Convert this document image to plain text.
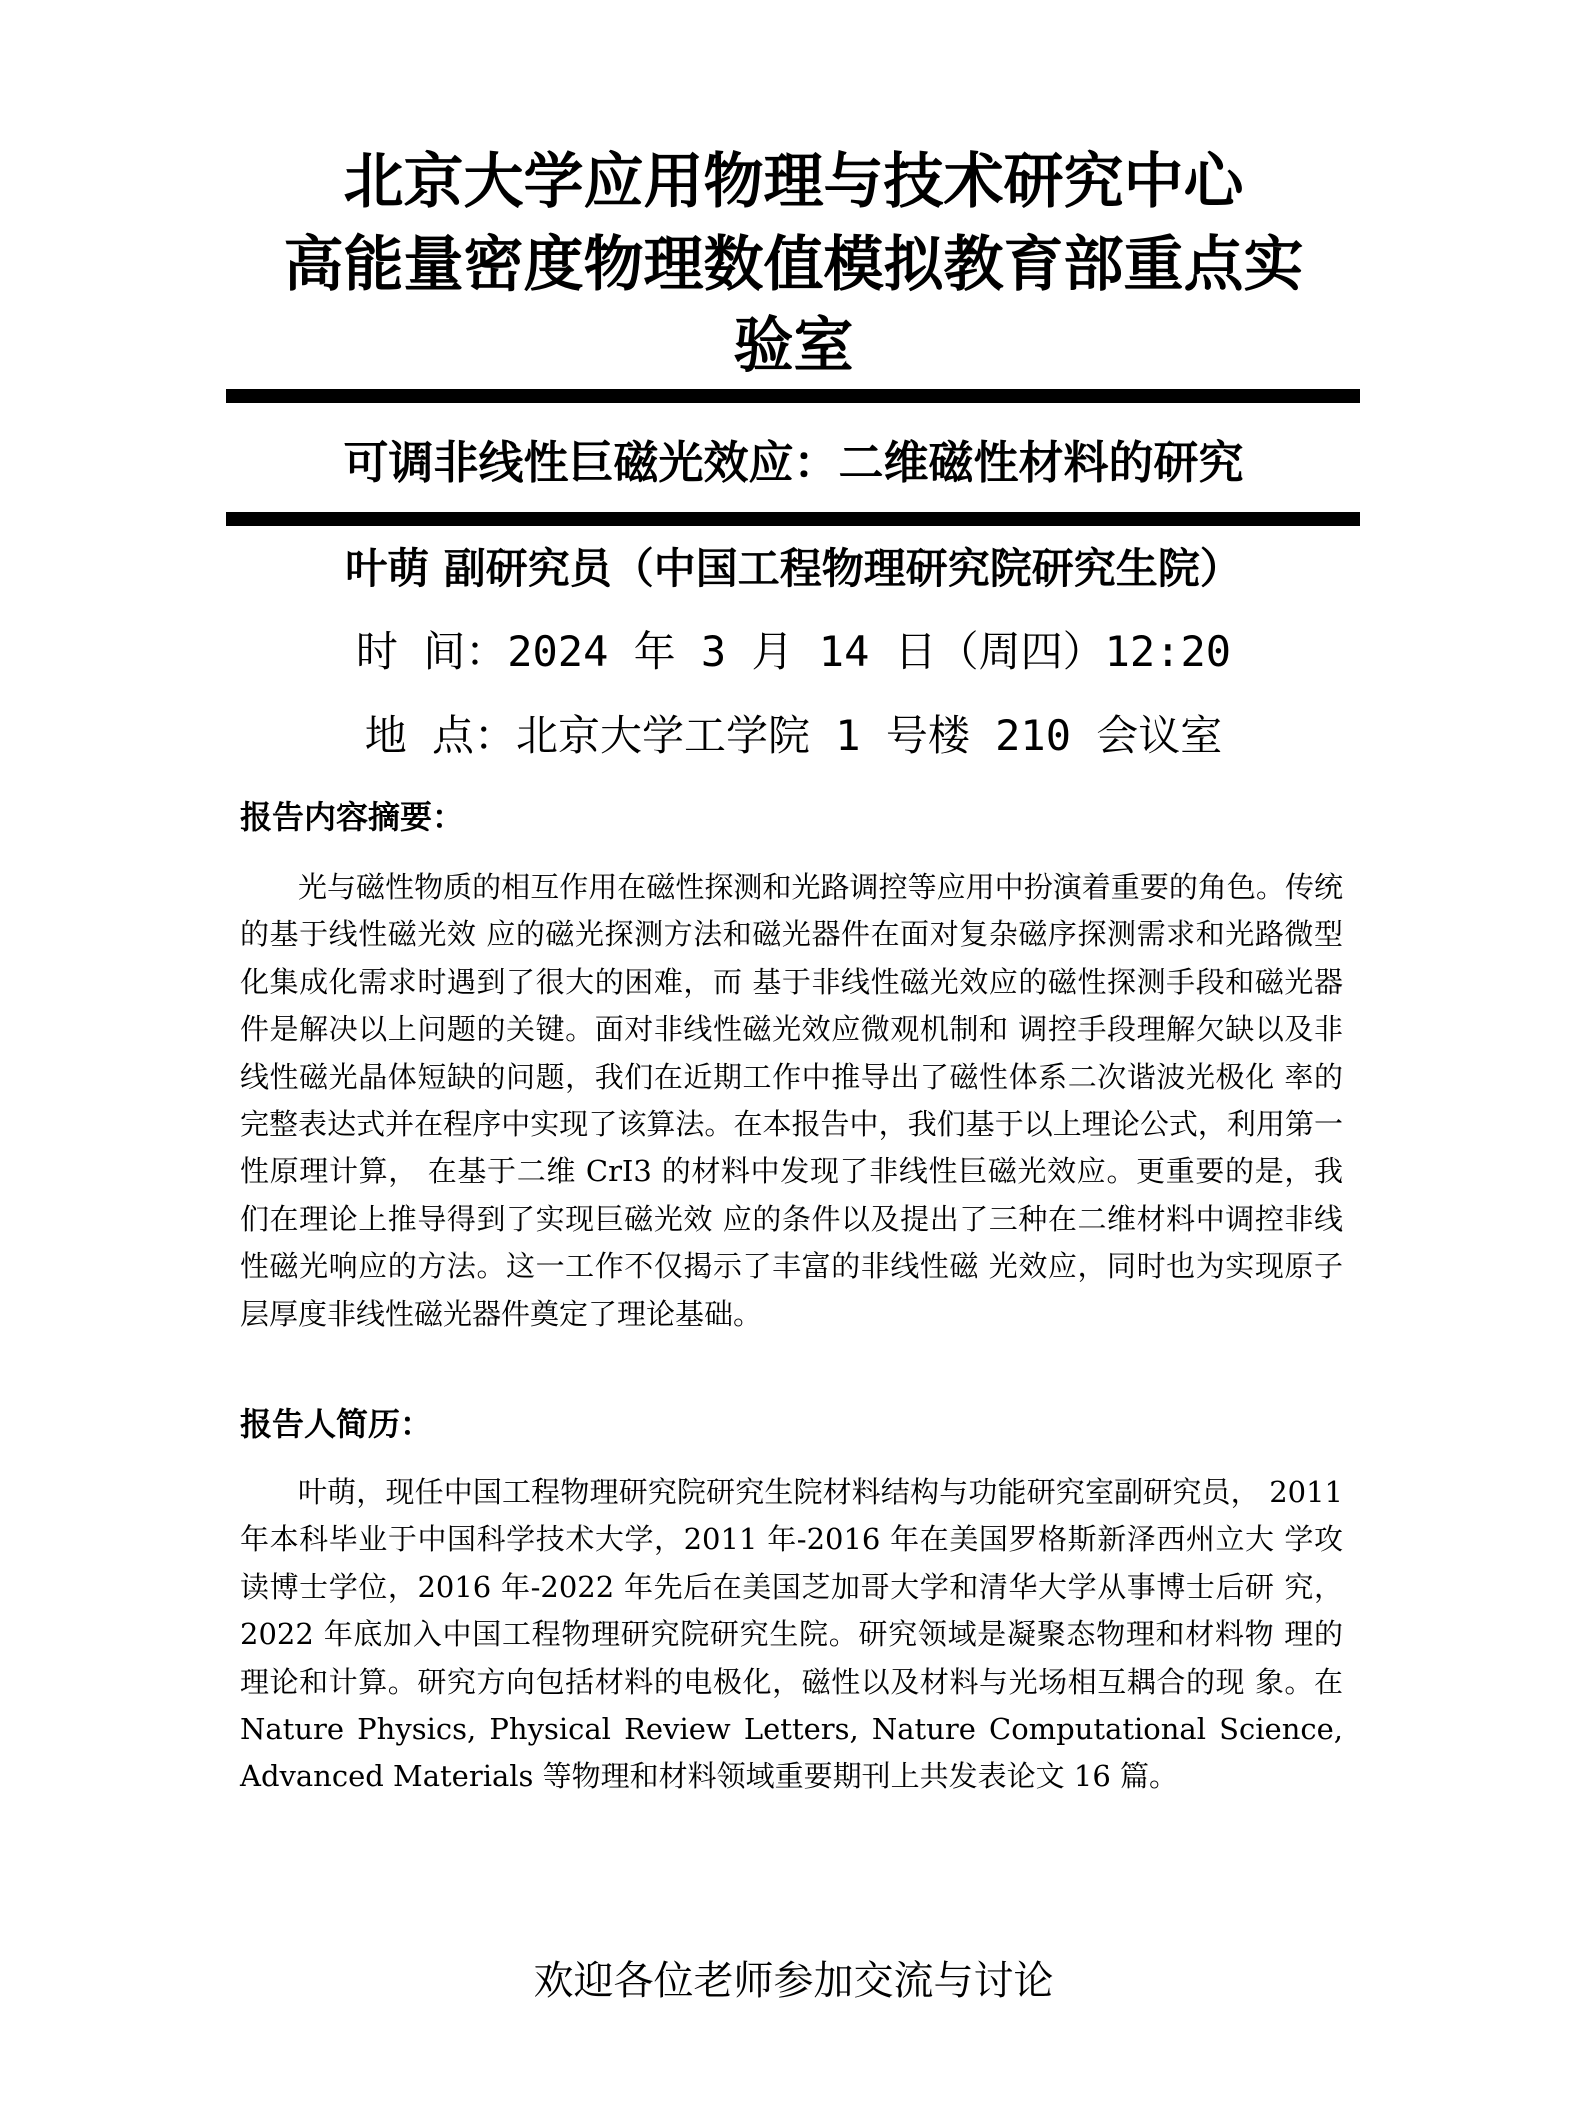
北京大学应用物理与技术研究中心
高能量密度物理数值模拟教育部重点实
验室
可调非线性巨磁光效应：二维磁性材料的研究
叶萌 副研究员（中国工程物理研究院研究生院）
时 间：2024 年 3 月 14 日（周四）12:20
地 点：北京大学工学院 1 号楼 210 会议室
报告内容摘要：

光与磁性物质的相互作用在磁性探测和光路调控等应用中扮演着重要的角色。传统的基于线性磁光效 应的磁光探测方法和磁光器件在面对复杂磁序探测需求和光路微型化集成化需求时遇到了很大的困难，而 基于非线性磁光效应的磁性探测手段和磁光器件是解决以上问题的关键。面对非线性磁光效应微观机制和 调控手段理解欠缺以及非线性磁光晶体短缺的问题，我们在近期工作中推导出了磁性体系二次谐波光极化 率的完整表达式并在程序中实现了该算法。在本报告中，我们基于以上理论公式，利用第一性原理计算， 在基于二维 CrI3 的材料中发现了非线性巨磁光效应。更重要的是，我们在理论上推导得到了实现巨磁光效 应的条件以及提出了三种在二维材料中调控非线性磁光响应的方法。这一工作不仅揭示了丰富的非线性磁 光效应，同时也为实现原子层厚度非线性磁光器件奠定了理论基础。

报告人简历：

叶萌，现任中国工程物理研究院研究生院材料结构与功能研究室副研究员， 2011 年本科毕业于中国科学技术大学，2011 年-2016 年在美国罗格斯新泽西州立大 学攻读博士学位，2016 年-2022 年先后在美国芝加哥大学和清华大学从事博士后研 究，2022 年底加入中国工程物理研究院研究生院。研究领域是凝聚态物理和材料物 理的理论和计算。研究方向包括材料的电极化，磁性以及材料与光场相互耦合的现 象。在 Nature Physics, Physical Review Letters, Nature Computational Science, Advanced Materials 等物理和材料领域重要期刊上共发表论文 16 篇。

欢迎各位老师参加交流与讨论
